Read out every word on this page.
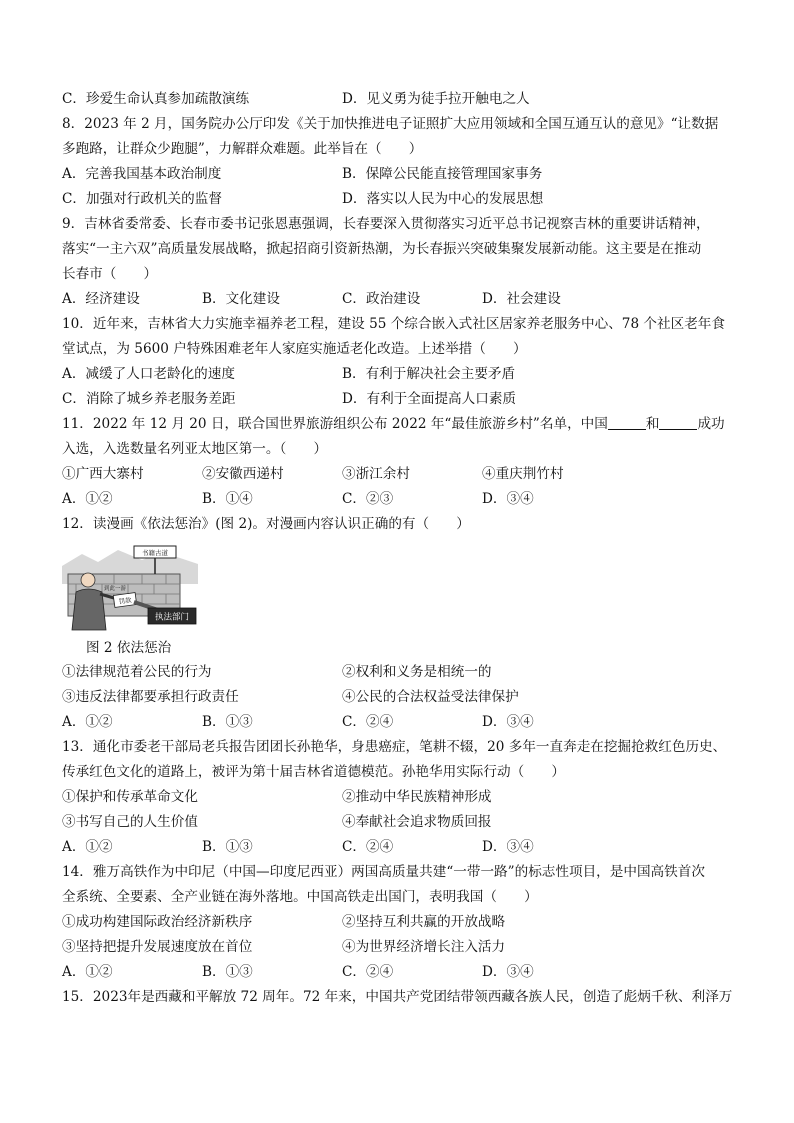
C．珍爱生命认真参加疏散演练	D．见义勇为徒手拉开触电之人
8．2023 年 2 月，国务院办公厅印发《关于加快推进电子证照扩大应用领域和全国互通互认的意见》“让数据
多跑路，让群众少跑腿”，力解群众难题。此举旨在（　　）
A．完善我国基本政治制度	B．保障公民能直接管理国家事务
C．加强对行政机关的监督	D．落实以人民为中心的发展思想
9．吉林省委常委、长春市委书记张恩惠强调，长春要深入贯彻落实习近平总书记视察吉林的重要讲话精神，
落实“一主六双”高质量发展战略，掀起招商引资新热潮，为长春振兴突破集聚发展新动能。这主要是在推动
长春市（　　）
A．经济建设	B．文化建设	C．政治建设	D．社会建设
10．近年来，吉林省大力实施幸福养老工程，建设 55 个综合嵌入式社区居家养老服务中心、78 个社区老年食
堂试点，为 5600 户特殊困难老年人家庭实施适老化改造。上述举措（　　）
A．减缓了人口老龄化的速度	B．有利于解决社会主要矛盾
C．消除了城乡养老服务差距	D．有利于全面提高人口素质
11．2022 年 12 月 20 日，联合国世界旅游组织公布 2022 年“最佳旅游乡村”名单，中国	和	成功
入选，入选数量名列亚太地区第一。（　　）
①广西大寨村	②安徽西递村	③浙江余村	④重庆荆竹村
A．①②	B．①④	C．②③	D．③④
12．读漫画《依法惩治》(图 2)。对漫画内容认识正确的有（　　）
书籍古道
到此一游
罚款
执法部门
图 2 依法惩治
①法律规范着公民的行为	②权利和义务是相统一的
③违反法律都要承担行政责任	④公民的合法权益受法律保护
A．①②	B．①③	C．②④	D．③④
13．通化市委老干部局老兵报告团团长孙艳华，身患癌症，笔耕不辍，20 多年一直奔走在挖掘抢救红色历史、
传承红色文化的道路上，被评为第十届吉林省道德模范。孙艳华用实际行动（　　）
①保护和传承革命文化	②推动中华民族精神形成
③书写自己的人生价值	④奉献社会追求物质回报
A．①②	B．①③	C．②④	D．③④
14．雅万高铁作为中印尼（中国—印度尼西亚）两国高质量共建“一带一路”的标志性项目，是中国高铁首次
全系统、全要素、全产业链在海外落地。中国高铁走出国门，表明我国（　　）
①成功构建国际政治经济新秩序	②坚持互利共赢的开放战略
③坚持把提升发展速度放在首位	④为世界经济增长注入活力
A．①②	B．①③	C．②④	D．③④
15．2023年是西藏和平解放 72 周年。72 年来，中国共产党团结带领西藏各族人民，创造了彪炳千秋、利泽万
